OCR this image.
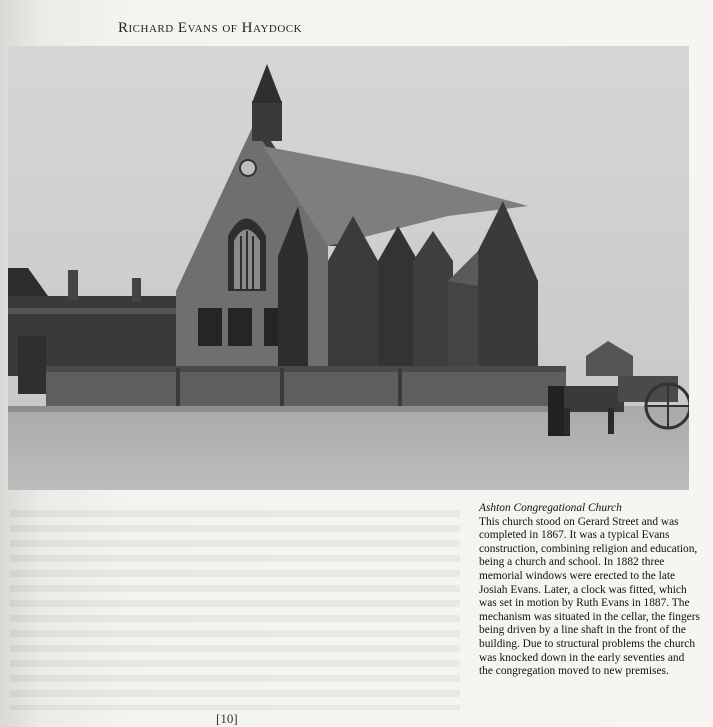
Richard Evans of Haydock
Ashton Congregational Church
This church stood on Gerard Street and was completed in 1867. It was a typical Evans construction, combining religion and education, being a church and school. In 1882 three memorial windows were erected to the late Josiah Evans. Later, a clock was fitted, which was set in motion by Ruth Evans in 1887. The mechanism was situated in the cellar, the fingers being driven by a line shaft in the front of the building. Due to structural problems the church was knocked down in the early seventies and the congregation moved to new premises.
[10]
